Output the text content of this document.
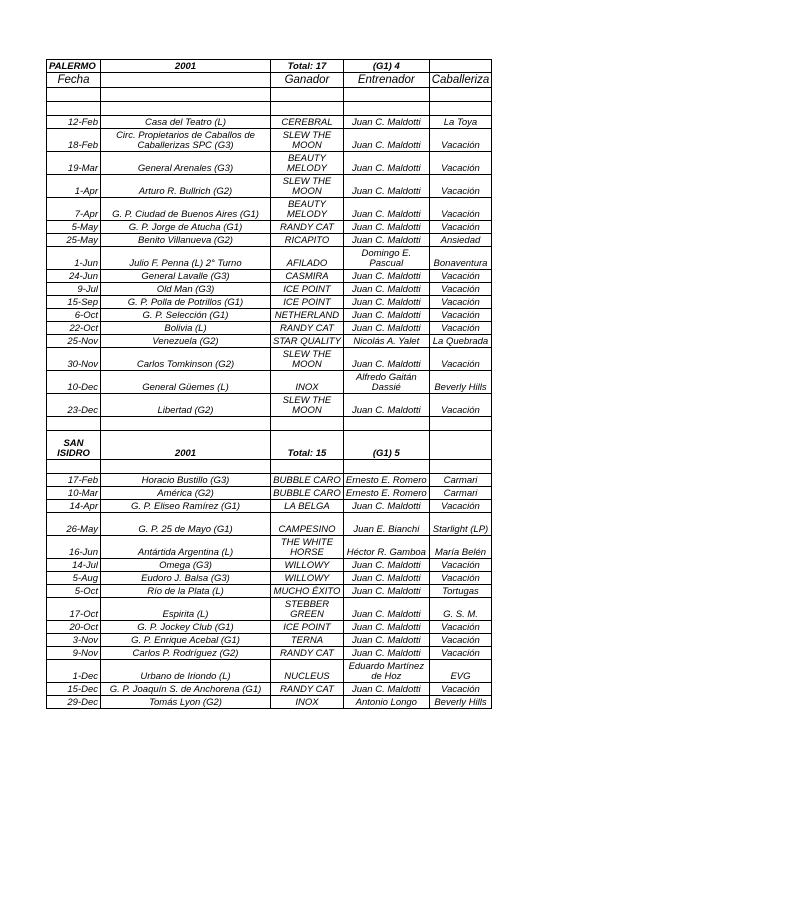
PALERMO	2001	Total: 17	(G1) 4	
Fecha		Ganador	Entrenador	Caballeriza

12-Feb	Casa del Teatro (L)	CEREBRAL	Juan C. Maldotti	La Toya
18-Feb	Circ. Propietarios de Caballos de Caballerizas SPC (G3)	SLEW THE MOON	Juan C. Maldotti	Vacación
19-Mar	General Arenales (G3)	BEAUTY MELODY	Juan C. Maldotti	Vacación
1-Apr	Arturo R. Bullrich (G2)	SLEW THE MOON	Juan C. Maldotti	Vacación
7-Apr	G. P. Ciudad de Buenos Aires (G1)	BEAUTY MELODY	Juan C. Maldotti	Vacación
5-May	G. P. Jorge de Atucha (G1)	RANDY CAT	Juan C. Maldotti	Vacación
25-May	Benito Villanueva (G2)	RICAPITO	Juan C. Maldotti	Ansiedad
1-Jun	Julio F. Penna (L) 2° Turno	AFILADO	Domingo E. Pascual	Bonaventura
24-Jun	General Lavalle (G3)	CASMIRA	Juan C. Maldotti	Vacación
9-Jul	Old Man (G3)	ICE POINT	Juan C. Maldotti	Vacación
15-Sep	G. P. Polla de Potrillos (G1)	ICE POINT	Juan C. Maldotti	Vacación
6-Oct	G. P. Selección (G1)	NETHERLAND	Juan C. Maldotti	Vacación
22-Oct	Bolivia (L)	RANDY CAT	Juan C. Maldotti	Vacación
25-Nov	Venezuela (G2)	STAR QUALITY	Nicolás A. Yalet	La Quebrada
30-Nov	Carlos Tomkinson (G2)	SLEW THE MOON	Juan C. Maldotti	Vacación
10-Dec	General Güemes (L)	INOX	Alfredo Gaitán Dassié	Beverly Hills
23-Dec	Libertad (G2)	SLEW THE MOON	Juan C. Maldotti	Vacación

SAN ISIDRO	2001	Total: 15	(G1) 5	

17-Feb	Horacio Bustillo (G3)	BUBBLE CARO	Ernesto E. Romero	Carmari
10-Mar	América (G2)	BUBBLE CARO	Ernesto E. Romero	Carmari
14-Apr	G. P. Eliseo Ramírez (G1)	LA BELGA	Juan C. Maldotti	Vacación
26-May	G. P. 25 de Mayo (G1)	CAMPESINO	Juan E. Bianchi	Starlight (LP)
16-Jun	Antártida Argentina (L)	THE WHITE HORSE	Héctor R. Gamboa	María Belén
14-Jul	Omega (G3)	WILLOWY	Juan C. Maldotti	Vacación
5-Aug	Eudoro J. Balsa (G3)	WILLOWY	Juan C. Maldotti	Vacación
5-Oct	Río de la Plata (L)	MUCHO ÉXITO	Juan C. Maldotti	Tortugas
17-Oct	Espirita (L)	STEBBER GREEN	Juan C. Maldotti	G. S. M.
20-Oct	G. P. Jockey Club (G1)	ICE POINT	Juan C. Maldotti	Vacación
3-Nov	G. P. Enrique Acebal (G1)	TERNA	Juan C. Maldotti	Vacación
9-Nov	Carlos P. Rodríguez (G2)	RANDY CAT	Juan C. Maldotti	Vacación
1-Dec	Urbano de Iriondo (L)	NUCLEUS	Eduardo Martínez de Hoz	EVG
15-Dec	G. P. Joaquín S. de Anchorena (G1)	RANDY CAT	Juan C. Maldotti	Vacación
29-Dec	Tomás Lyon (G2)	INOX	Antonio Longo	Beverly Hills
